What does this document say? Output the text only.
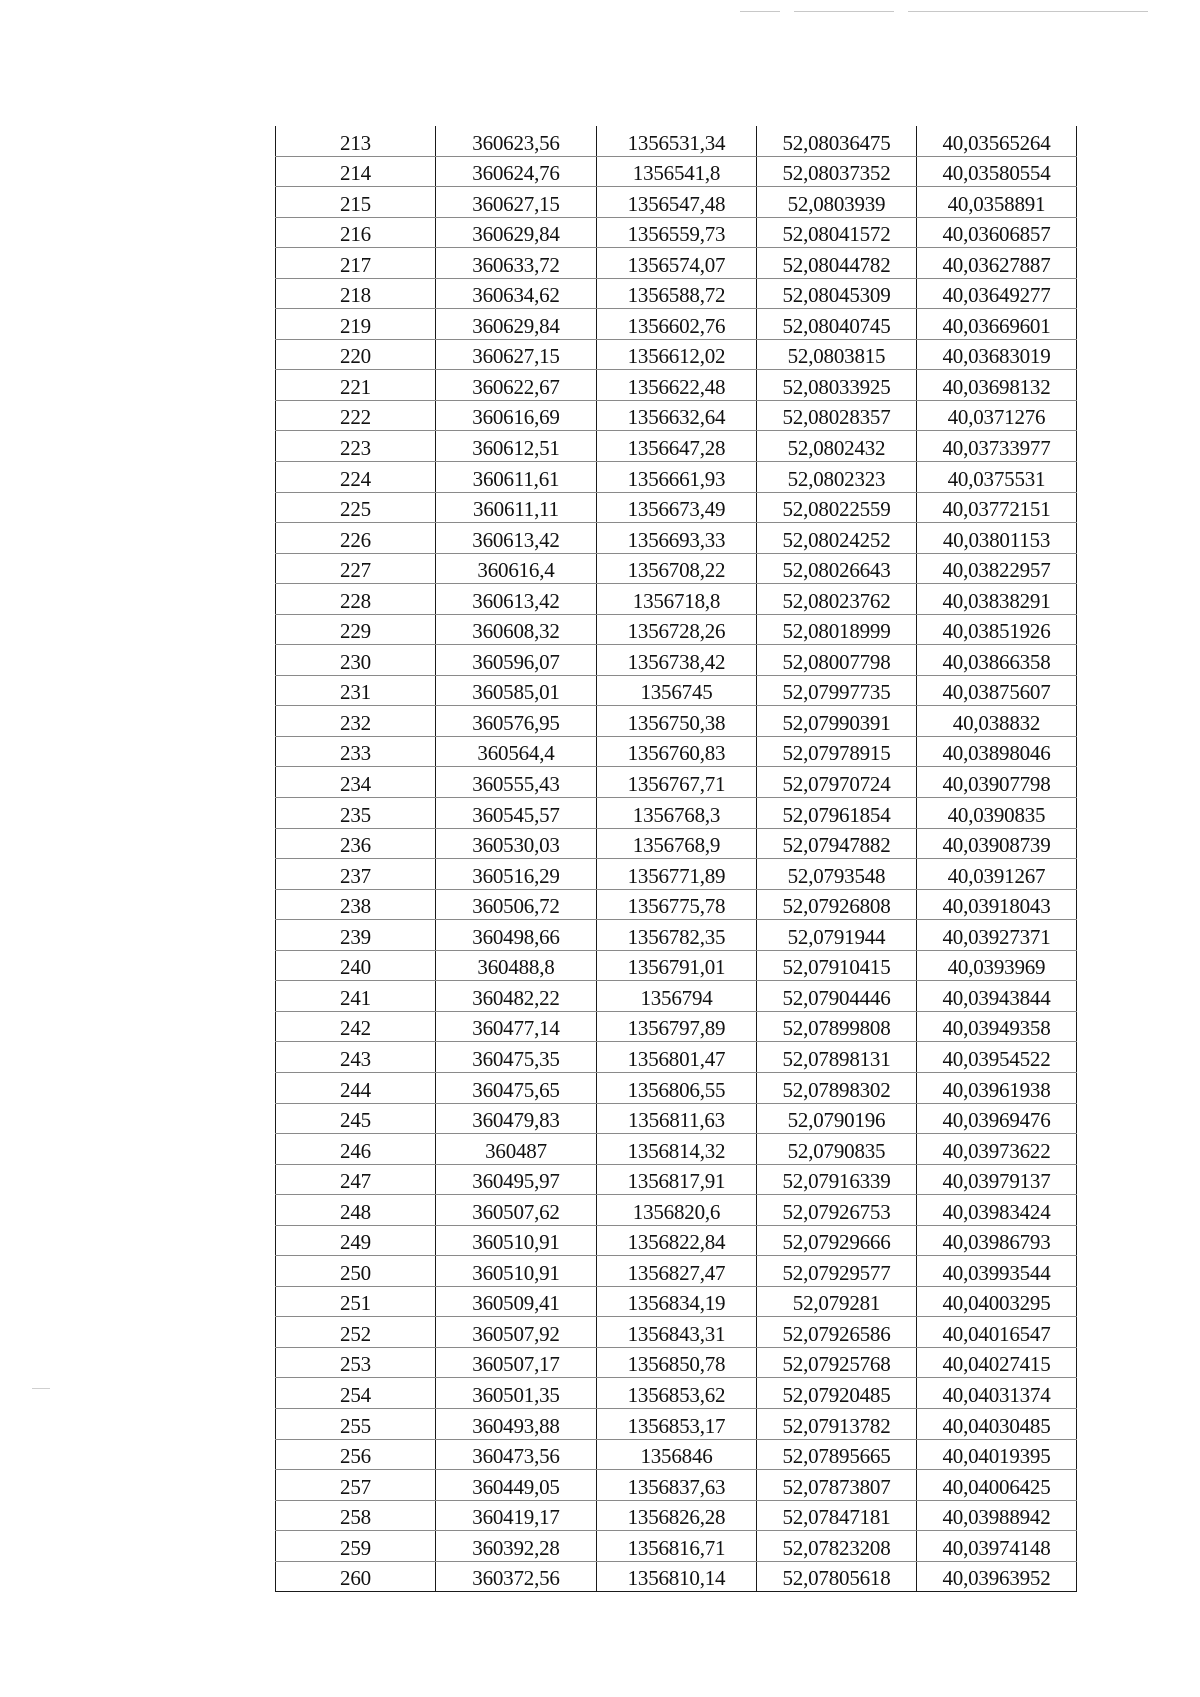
213	360623,56	1356531,34	52,08036475	40,03565264
214	360624,76	1356541,8	52,08037352	40,03580554
215	360627,15	1356547,48	52,0803939	40,0358891
216	360629,84	1356559,73	52,08041572	40,03606857
217	360633,72	1356574,07	52,08044782	40,03627887
218	360634,62	1356588,72	52,08045309	40,03649277
219	360629,84	1356602,76	52,08040745	40,03669601
220	360627,15	1356612,02	52,0803815	40,03683019
221	360622,67	1356622,48	52,08033925	40,03698132
222	360616,69	1356632,64	52,08028357	40,0371276
223	360612,51	1356647,28	52,0802432	40,03733977
224	360611,61	1356661,93	52,0802323	40,0375531
225	360611,11	1356673,49	52,08022559	40,03772151
226	360613,42	1356693,33	52,08024252	40,03801153
227	360616,4	1356708,22	52,08026643	40,03822957
228	360613,42	1356718,8	52,08023762	40,03838291
229	360608,32	1356728,26	52,08018999	40,03851926
230	360596,07	1356738,42	52,08007798	40,03866358
231	360585,01	1356745	52,07997735	40,03875607
232	360576,95	1356750,38	52,07990391	40,038832
233	360564,4	1356760,83	52,07978915	40,03898046
234	360555,43	1356767,71	52,07970724	40,03907798
235	360545,57	1356768,3	52,07961854	40,0390835
236	360530,03	1356768,9	52,07947882	40,03908739
237	360516,29	1356771,89	52,0793548	40,0391267
238	360506,72	1356775,78	52,07926808	40,03918043
239	360498,66	1356782,35	52,0791944	40,03927371
240	360488,8	1356791,01	52,07910415	40,0393969
241	360482,22	1356794	52,07904446	40,03943844
242	360477,14	1356797,89	52,07899808	40,03949358
243	360475,35	1356801,47	52,07898131	40,03954522
244	360475,65	1356806,55	52,07898302	40,03961938
245	360479,83	1356811,63	52,0790196	40,03969476
246	360487	1356814,32	52,0790835	40,03973622
247	360495,97	1356817,91	52,07916339	40,03979137
248	360507,62	1356820,6	52,07926753	40,03983424
249	360510,91	1356822,84	52,07929666	40,03986793
250	360510,91	1356827,47	52,07929577	40,03993544
251	360509,41	1356834,19	52,079281	40,04003295
252	360507,92	1356843,31	52,07926586	40,04016547
253	360507,17	1356850,78	52,07925768	40,04027415
254	360501,35	1356853,62	52,07920485	40,04031374
255	360493,88	1356853,17	52,07913782	40,04030485
256	360473,56	1356846	52,07895665	40,04019395
257	360449,05	1356837,63	52,07873807	40,04006425
258	360419,17	1356826,28	52,07847181	40,03988942
259	360392,28	1356816,71	52,07823208	40,03974148
260	360372,56	1356810,14	52,07805618	40,03963952
